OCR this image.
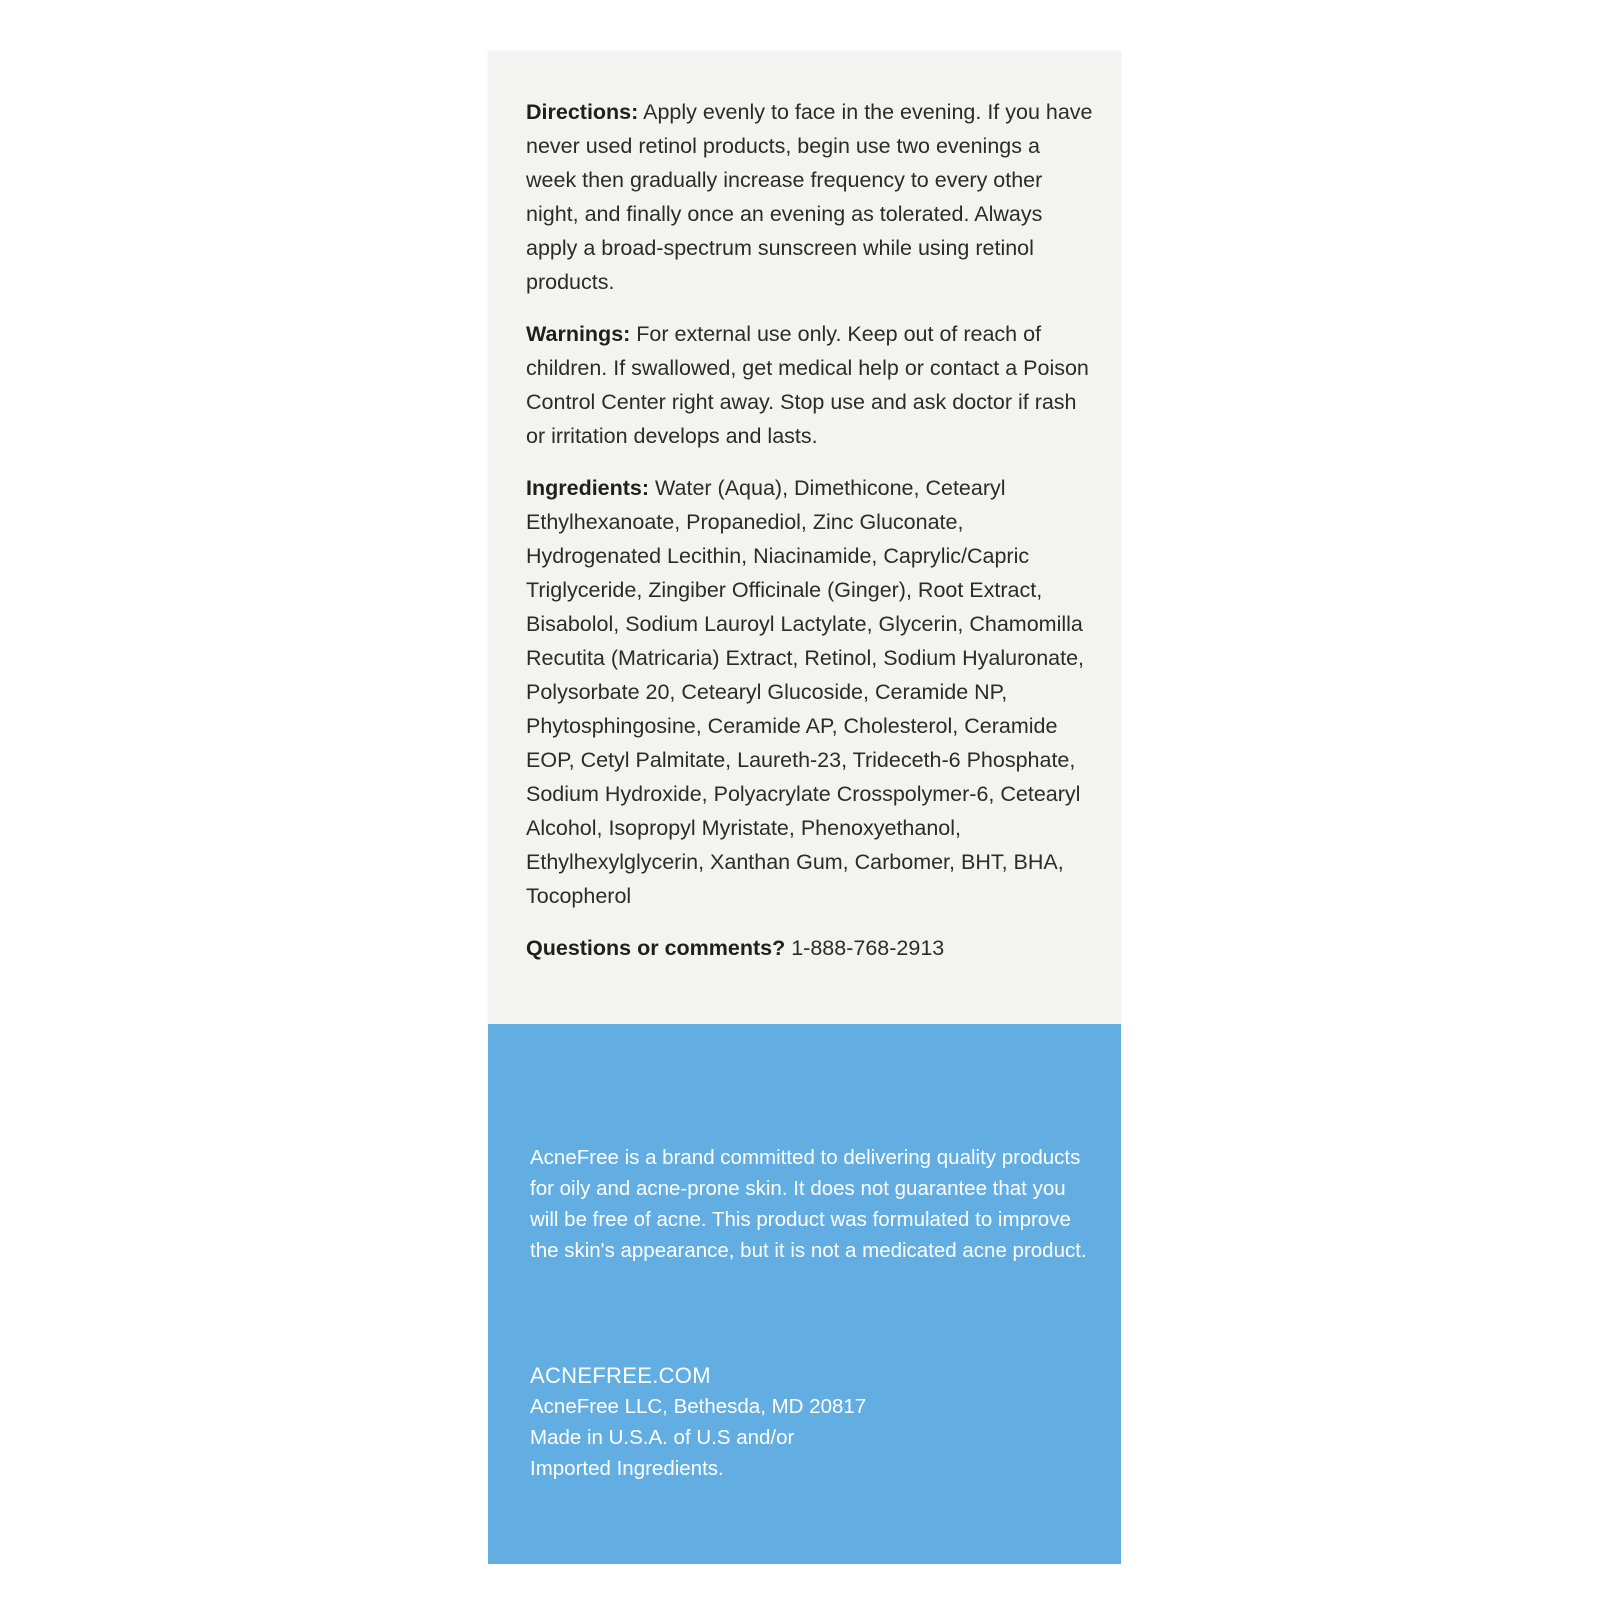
Directions: Apply evenly to face in the evening. If you have never used retinol products, begin use two evenings a week then gradually increase frequency to every other night, and finally once an evening as tolerated. Always apply a broad-spectrum sunscreen while using retinol products.

Warnings: For external use only. Keep out of reach of children. If swallowed, get medical help or contact a Poison Control Center right away. Stop use and ask doctor if rash or irritation develops and lasts.

Ingredients: Water (Aqua), Dimethicone, Cetearyl Ethylhexanoate, Propanediol, Zinc Gluconate, Hydrogenated Lecithin, Niacinamide, Caprylic/Capric Triglyceride, Zingiber Officinale (Ginger), Root Extract, Bisabolol, Sodium Lauroyl Lactylate, Glycerin, Chamomilla Recutita (Matricaria) Extract, Retinol, Sodium Hyaluronate, Polysorbate 20, Cetearyl Glucoside, Ceramide NP, Phytosphingosine, Ceramide AP, Cholesterol, Ceramide EOP, Cetyl Palmitate, Laureth-23, Trideceth-6 Phosphate, Sodium Hydroxide, Polyacrylate Crosspolymer-6, Cetearyl Alcohol, Isopropyl Myristate, Phenoxyethanol, Ethylhexylglycerin, Xanthan Gum, Carbomer, BHT, BHA, Tocopherol

Questions or comments? 1-888-768-2913

AcneFree is a brand committed to delivering quality products for oily and acne-prone skin. It does not guarantee that you will be free of acne. This product was formulated to improve the skin's appearance, but it is not a medicated acne product.

ACNEFREE.COM
AcneFree LLC, Bethesda, MD 20817
Made in U.S.A. of U.S and/or
Imported Ingredients.
